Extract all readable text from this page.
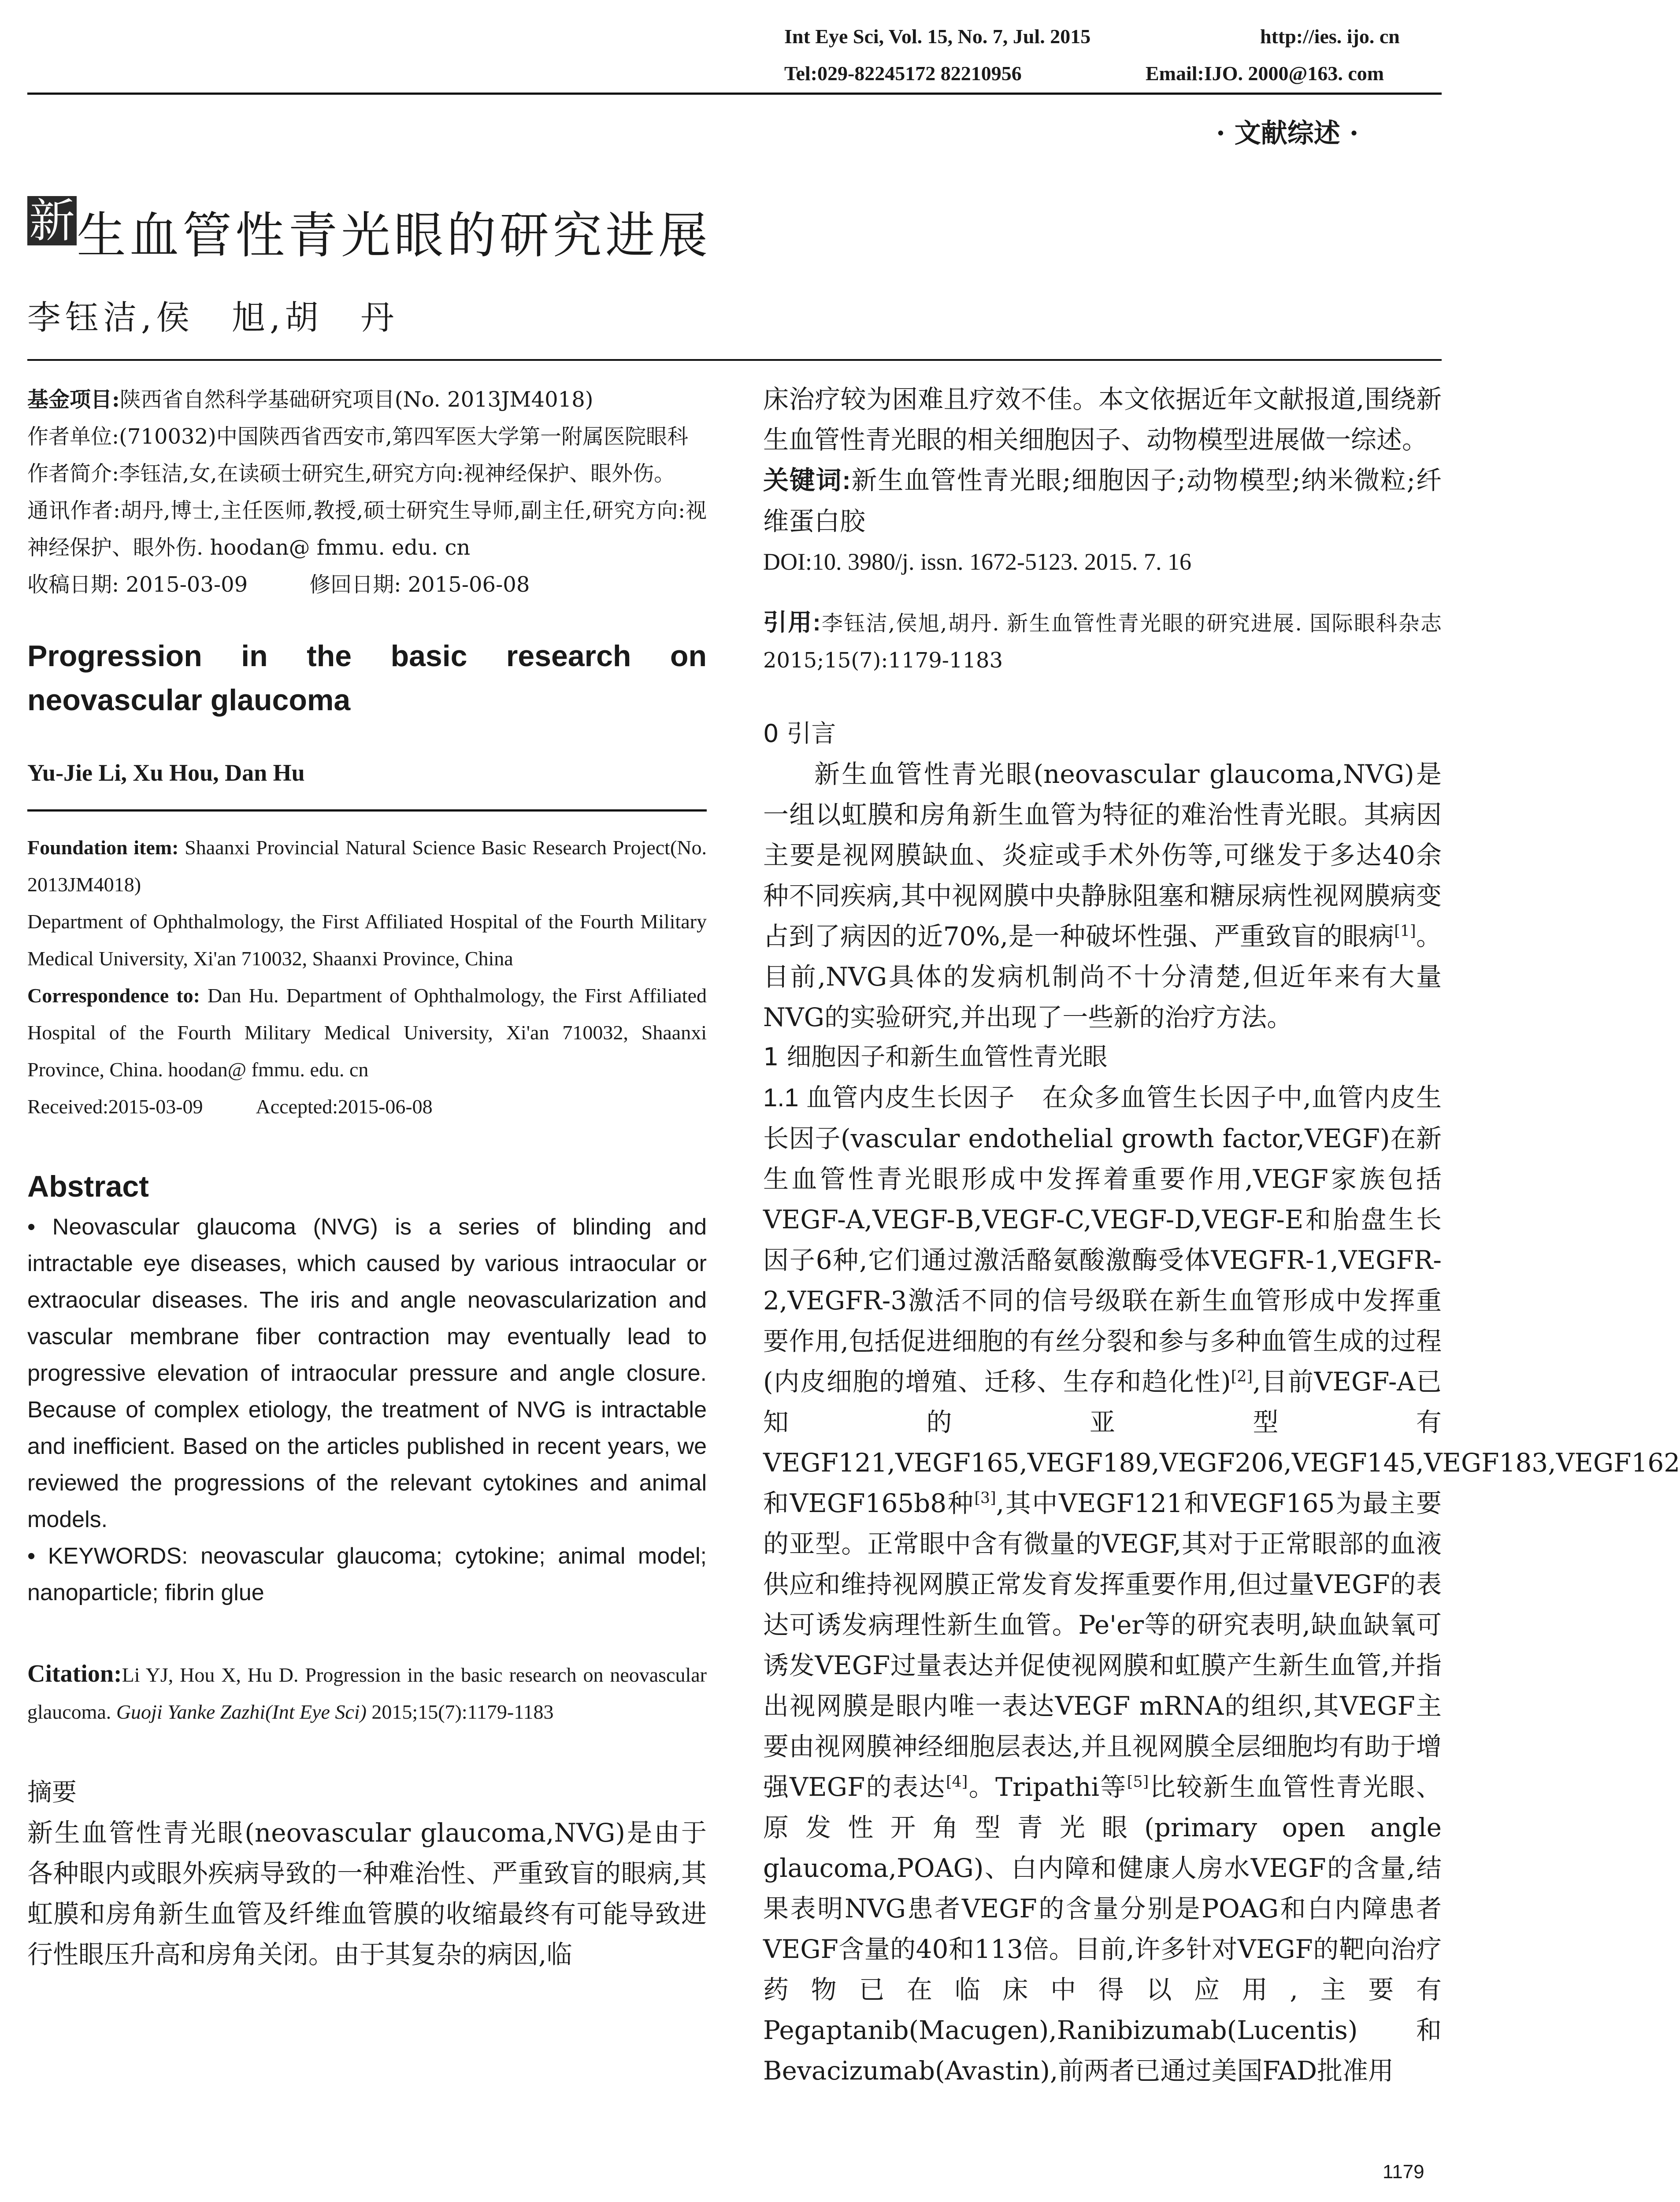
Int Eye Sci, Vol. 15, No. 7, Jul. 2015	http://ies. ijo. cn
Tel:029-82245172 82210956	Email:IJO. 2000@163. com
· 文献综述 ·
新生血管性青光眼的研究进展
李钰洁,侯　旭,胡　丹

基金项目:陕西省自然科学基础研究项目(No. 2013JM4018)

作者单位:(710032)中国陕西省西安市,第四军医大学第一附属医院眼科

作者简介:李钰洁,女,在读硕士研究生,研究方向:视神经保护、眼外伤。

通讯作者:胡丹,博士,主任医师,教授,硕士研究生导师,副主任,研究方向:视神经保护、眼外伤. hoodan@ fmmu. edu. cn

收稿日期: 2015-03-09	修回日期: 2015-06-08

Progression in the basic research on neovascular glaucoma
Yu-Jie Li, Xu Hou, Dan Hu

Foundation item: Shaanxi Provincial Natural Science Basic Research Project(No. 2013JM4018)

Department of Ophthalmology, the First Affiliated Hospital of the Fourth Military Medical University, Xi'an 710032, Shaanxi Province, China

Correspondence to: Dan Hu. Department of Ophthalmology, the First Affiliated Hospital of the Fourth Military Medical University, Xi'an 710032, Shaanxi Province, China. hoodan@ fmmu. edu. cn

Received:2015-03-09	Accepted:2015-06-08

Abstract

• Neovascular glaucoma (NVG) is a series of blinding and intractable eye diseases, which caused by various intraocular or extraocular diseases. The iris and angle neovascularization and vascular membrane fiber contraction may eventually lead to progressive elevation of intraocular pressure and angle closure. Because of complex etiology, the treatment of NVG is intractable and inefficient. Based on the articles published in recent years, we reviewed the progressions of the relevant cytokines and animal models.

• KEYWORDS: neovascular glaucoma; cytokine; animal model; nanoparticle; fibrin glue

Citation:Li YJ, Hou X, Hu D. Progression in the basic research on neovascular glaucoma. Guoji Yanke Zazhi(Int Eye Sci) 2015;15(7):1179-1183
摘要

新生血管性青光眼(neovascular glaucoma,NVG)是由于各种眼内或眼外疾病导致的一种难治性、严重致盲的眼病,其虹膜和房角新生血管及纤维血管膜的收缩最终有可能导致进行性眼压升高和房角关闭。由于其复杂的病因,临

床治疗较为困难且疗效不佳。本文依据近年文献报道,围绕新生血管性青光眼的相关细胞因子、动物模型进展做一综述。

关键词:新生血管性青光眼;细胞因子;动物模型;纳米微粒;纤维蛋白胶

DOI:10. 3980/j. issn. 1672-5123. 2015. 7. 16

引用:李钰洁,侯旭,胡丹. 新生血管性青光眼的研究进展. 国际眼科杂志 2015;15(7):1179-1183

0 引言

新生血管性青光眼(neovascular glaucoma,NVG)是一组以虹膜和房角新生血管为特征的难治性青光眼。其病因主要是视网膜缺血、炎症或手术外伤等,可继发于多达40余种不同疾病,其中视网膜中央静脉阻塞和糖尿病性视网膜病变占到了病因的近70%,是一种破坏性强、严重致盲的眼病[1]。目前,NVG具体的发病机制尚不十分清楚,但近年来有大量NVG的实验研究,并出现了一些新的治疗方法。

1 细胞因子和新生血管性青光眼

1.1 血管内皮生长因子 在众多血管生长因子中,血管内皮生长因子(vascular endothelial growth factor,VEGF)在新生血管性青光眼形成中发挥着重要作用,VEGF家族包括VEGF-A,VEGF-B,VEGF-C,VEGF-D,VEGF-E和胎盘生长因子6种,它们通过激活酪氨酸激酶受体VEGFR-1,VEGFR-2,VEGFR-3激活不同的信号级联在新生血管形成中发挥重要作用,包括促进细胞的有丝分裂和参与多种血管生成的过程(内皮细胞的增殖、迁移、生存和趋化性)[2],目前VEGF-A已知的亚型有VEGF121,VEGF165,VEGF189,VEGF206,VEGF145,VEGF183,VEGF162和VEGF165b8种[3],其中VEGF121和VEGF165为最主要的亚型。正常眼中含有微量的VEGF,其对于正常眼部的血液供应和维持视网膜正常发育发挥重要作用,但过量VEGF的表达可诱发病理性新生血管。Pe'er等的研究表明,缺血缺氧可诱发VEGF过量表达并促使视网膜和虹膜产生新生血管,并指出视网膜是眼内唯一表达VEGF mRNA的组织,其VEGF主要由视网膜神经细胞层表达,并且视网膜全层细胞均有助于增强VEGF的表达[4]。Tripathi等[5]比较新生血管性青光眼、原发性开角型青光眼(primary open angle glaucoma,POAG)、白内障和健康人房水VEGF的含量,结果表明NVG患者VEGF的含量分别是POAG和白内障患者VEGF含量的40和113倍。目前,许多针对VEGF的靶向治疗药物已在临床中得以应用,主要有Pegaptanib(Macugen),Ranibizumab(Lucentis)和Bevacizumab(Avastin),前两者已通过美国FAD批准用

1179
